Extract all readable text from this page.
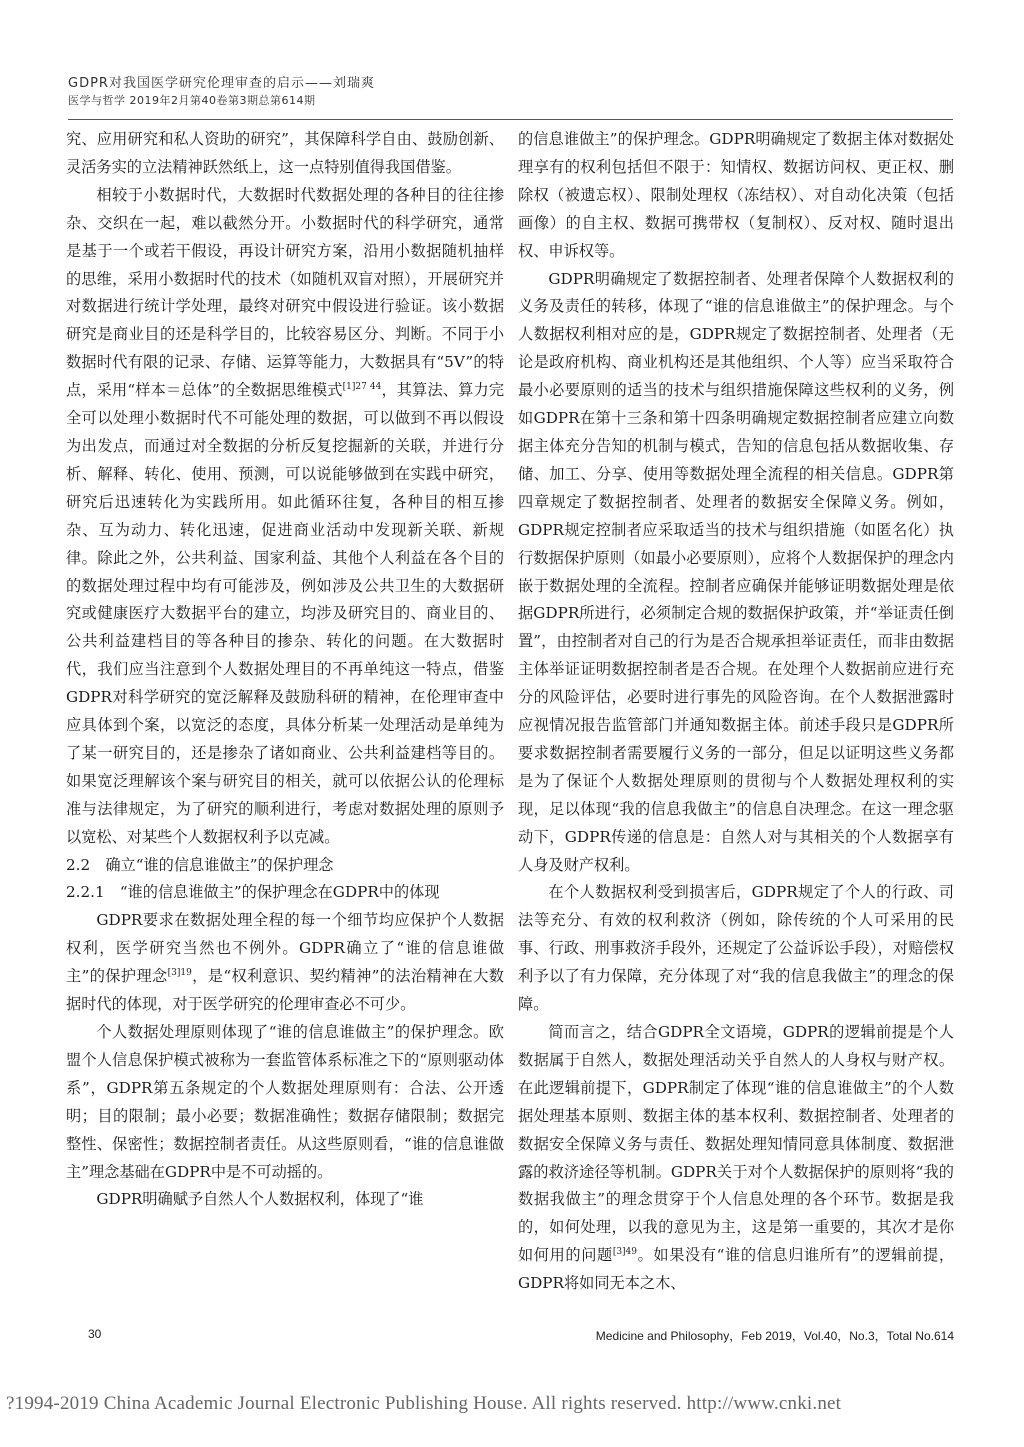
GDPR对我国医学研究伦理审查的启示——刘瑞爽
医学与哲学 2019年2月第40卷第3期总第614期

究、应用研究和私人资助的研究”，其保障科学自由、鼓励创新、灵活务实的立法精神跃然纸上，这一点特别值得我国借鉴。

相较于小数据时代，大数据时代数据处理的各种目的往往掺杂、交织在一起，难以截然分开。小数据时代的科学研究，通常是基于一个或若干假设，再设计研究方案，沿用小数据随机抽样的思维，采用小数据时代的技术（如随机双盲对照），开展研究并对数据进行统计学处理，最终对研究中假设进行验证。该小数据研究是商业目的还是科学目的，比较容易区分、判断。不同于小数据时代有限的记录、存储、运算等能力，大数据具有“5V”的特点，采用“样本＝总体”的全数据思维模式$^{[1]27 44}$，其算法、算力完全可以处理小数据时代不可能处理的数据，可以做到不再以假设为出发点，而通过对全数据的分析反复挖掘新的关联，并进行分析、解释、转化、使用、预测，可以说能够做到在实践中研究，研究后迅速转化为实践所用。如此循环往复，各种目的相互掺杂、互为动力、转化迅速，促进商业活动中发现新关联、新规律。除此之外，公共利益、国家利益、其他个人利益在各个目的的数据处理过程中均有可能涉及，例如涉及公共卫生的大数据研究或健康医疗大数据平台的建立，均涉及研究目的、商业目的、公共利益建档目的等各种目的掺杂、转化的问题。在大数据时代，我们应当注意到个人数据处理目的不再单纯这一特点，借鉴GDPR对科学研究的宽泛解释及鼓励科研的精神，在伦理审查中应具体到个案，以宽泛的态度，具体分析某一处理活动是单纯为了某一研究目的，还是掺杂了诸如商业、公共利益建档等目的。如果宽泛理解该个案与研究目的相关，就可以依据公认的伦理标准与法律规定，为了研究的顺利进行，考虑对数据处理的原则予以宽松、对某些个人数据权利予以克减。

2.2　确立“谁的信息谁做主”的保护理念
2.2.1　“谁的信息谁做主”的保护理念在GDPR中的体现

GDPR要求在数据处理全程的每一个细节均应保护个人数据权利，医学研究当然也不例外。GDPR确立了“谁的信息谁做主”的保护理念$^{[3]19}$，是“权利意识、契约精神”的法治精神在大数据时代的体现，对于医学研究的伦理审查必不可少。

个人数据处理原则体现了“谁的信息谁做主”的保护理念。欧盟个人信息保护模式被称为一套监管体系标准之下的“原则驱动体系”，GDPR第五条规定的个人数据处理原则有：合法、公开透明；目的限制；最小必要；数据准确性；数据存储限制；数据完整性、保密性；数据控制者责任。从这些原则看，“谁的信息谁做主”理念基础在GDPR中是不可动摇的。

GDPR明确赋予自然人个人数据权利，体现了“谁

的信息谁做主”的保护理念。GDPR明确规定了数据主体对数据处理享有的权利包括但不限于：知情权、数据访问权、更正权、删除权（被遗忘权）、限制处理权（冻结权）、对自动化决策（包括画像）的自主权、数据可携带权（复制权）、反对权、随时退出权、申诉权等。

GDPR明确规定了数据控制者、处理者保障个人数据权利的义务及责任的转移，体现了“谁的信息谁做主”的保护理念。与个人数据权利相对应的是，GDPR规定了数据控制者、处理者（无论是政府机构、商业机构还是其他组织、个人等）应当采取符合最小必要原则的适当的技术与组织措施保障这些权利的义务，例如GDPR在第十三条和第十四条明确规定数据控制者应建立向数据主体充分告知的机制与模式，告知的信息包括从数据收集、存储、加工、分享、使用等数据处理全流程的相关信息。GDPR第四章规定了数据控制者、处理者的数据安全保障义务。例如，GDPR规定控制者应采取适当的技术与组织措施（如匿名化）执行数据保护原则（如最小必要原则），应将个人数据保护的理念内嵌于数据处理的全流程。控制者应确保并能够证明数据处理是依据GDPR所进行，必须制定合规的数据保护政策，并“举证责任倒置”，由控制者对自己的行为是否合规承担举证责任，而非由数据主体举证证明数据控制者是否合规。在处理个人数据前应进行充分的风险评估，必要时进行事先的风险咨询。在个人数据泄露时应视情况报告监管部门并通知数据主体。前述手段只是GDPR所要求数据控制者需要履行义务的一部分，但足以证明这些义务都是为了保证个人数据处理原则的贯彻与个人数据处理权利的实现，足以体现“我的信息我做主”的信息自决理念。在这一理念驱动下，GDPR传递的信息是：自然人对与其相关的个人数据享有人身及财产权利。

在个人数据权利受到损害后，GDPR规定了个人的行政、司法等充分、有效的权利救济（例如，除传统的个人可采用的民事、行政、刑事救济手段外，还规定了公益诉讼手段），对赔偿权利予以了有力保障，充分体现了对“我的信息我做主”的理念的保障。

简而言之，结合GDPR全文语境，GDPR的逻辑前提是个人数据属于自然人，数据处理活动关乎自然人的人身权与财产权。在此逻辑前提下，GDPR制定了体现“谁的信息谁做主”的个人数据处理基本原则、数据主体的基本权利、数据控制者、处理者的数据安全保障义务与责任、数据处理知情同意具体制度、数据泄露的救济途径等机制。GDPR关于对个人数据保护的原则将“我的数据我做主”的理念贯穿于个人信息处理的各个环节。数据是我的，如何处理，以我的意见为主，这是第一重要的，其次才是你如何用的问题$^{[3]49}$。如果没有“谁的信息归谁所有”的逻辑前提，GDPR将如同无本之木、

30	Medicine and Philosophy，Feb 2019，Vol.40，No.3，Total No.614
?1994-2019 China Academic Journal Electronic Publishing House. All rights reserved. http://www.cnki.net
